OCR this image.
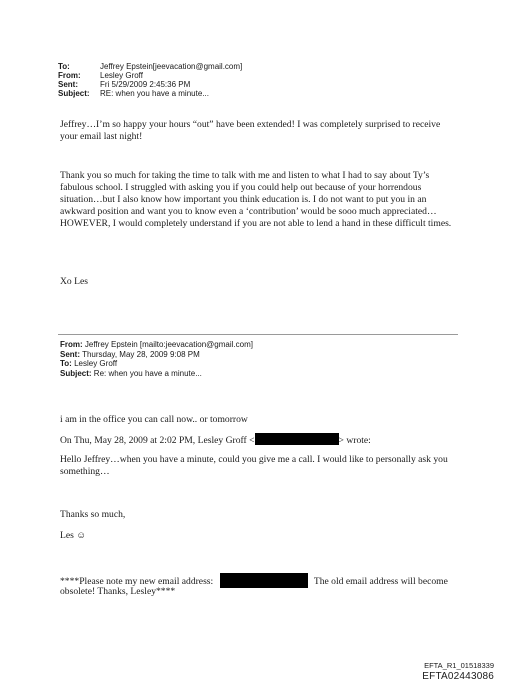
To:	Jeffrey Epstein[jeevacation@gmail.com]
From:	Lesley Groff
Sent:	Fri 5/29/2009 2:45:36 PM
Subject:	RE: when you have a minute...

Jeffrey…I’m so happy your hours “out” have been extended! I was completely surprised to receive your email last night!

Thank you so much for taking the time to talk with me and listen to what I had to say about Ty’s fabulous school. I struggled with asking you if you could help out because of your horrendous situation…but I also know how important you think education is. I do not want to put you in an awkward position and want you to know even a ‘contribution’ would be sooo much appreciated…HOWEVER, I would completely understand if you are not able to lend a hand in these difficult times.

Xo Les

From: Jeffrey Epstein [mailto:jeevacation@gmail.com]
Sent: Thursday, May 28, 2009 9:08 PM
To: Lesley Groff
Subject: Re: when you have a minute...
i am in the office you can call now.. or tomorrow
On Thu, May 28, 2009 at 2:02 PM, Lesley Groff <	> wrote:

Hello Jeffrey…when you have a minute, could you give me a call. I would like to personally ask you something…

Thanks so much,
Les ☺
****Please note my new email address:	The old email address will become
obsolete! Thanks, Lesley****
EFTA_R1_01518339
EFTA02443086
